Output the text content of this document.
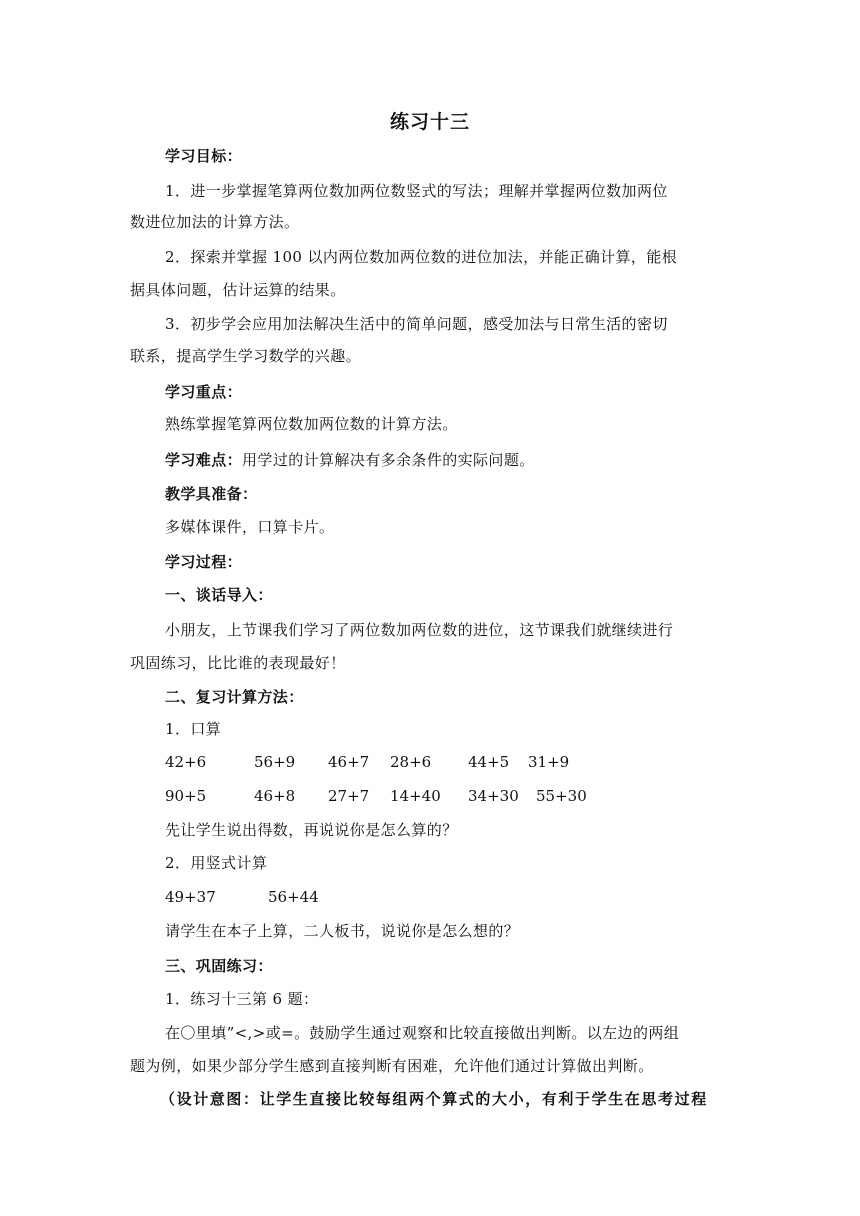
练习十三
学习目标：
1．进一步掌握笔算两位数加两位数竖式的写法；理解并掌握两位数加两位
数进位加法的计算方法。
2．探索并掌握 100 以内两位数加两位数的进位加法，并能正确计算，能根
据具体问题，估计运算的结果。
3．初步学会应用加法解决生活中的简单问题，感受加法与日常生活的密切
联系，提高学生学习数学的兴趣。
学习重点：
熟练掌握笔算两位数加两位数的计算方法。
学习难点：用学过的计算解决有多余条件的实际问题。
教学具准备：
多媒体课件，口算卡片。
学习过程：
一、谈话导入：
小朋友，上节课我们学习了两位数加两位数的进位，这节课我们就继续进行
巩固练习，比比谁的表现最好！
二、复习计算方法：
1．口算
42+6	56+9 46+7 28+6 44+5 31+9
90+5	46+8 27+7 14+40 34+30 55+30
先让学生说出得数，再说说你是怎么算的？
2．用竖式计算
49+37	56+44
请学生在本子上算，二人板书，说说你是怎么想的？
三、巩固练习：
1．练习十三第 6 题：
在〇里填”<,>或=。鼓励学生通过观察和比较直接做出判断。以左边的两组
题为例，如果少部分学生感到直接判断有困难，允许他们通过计算做出判断。
（设计意图：让学生直接比较每组两个算式的大小，有利于学生在思考过程
